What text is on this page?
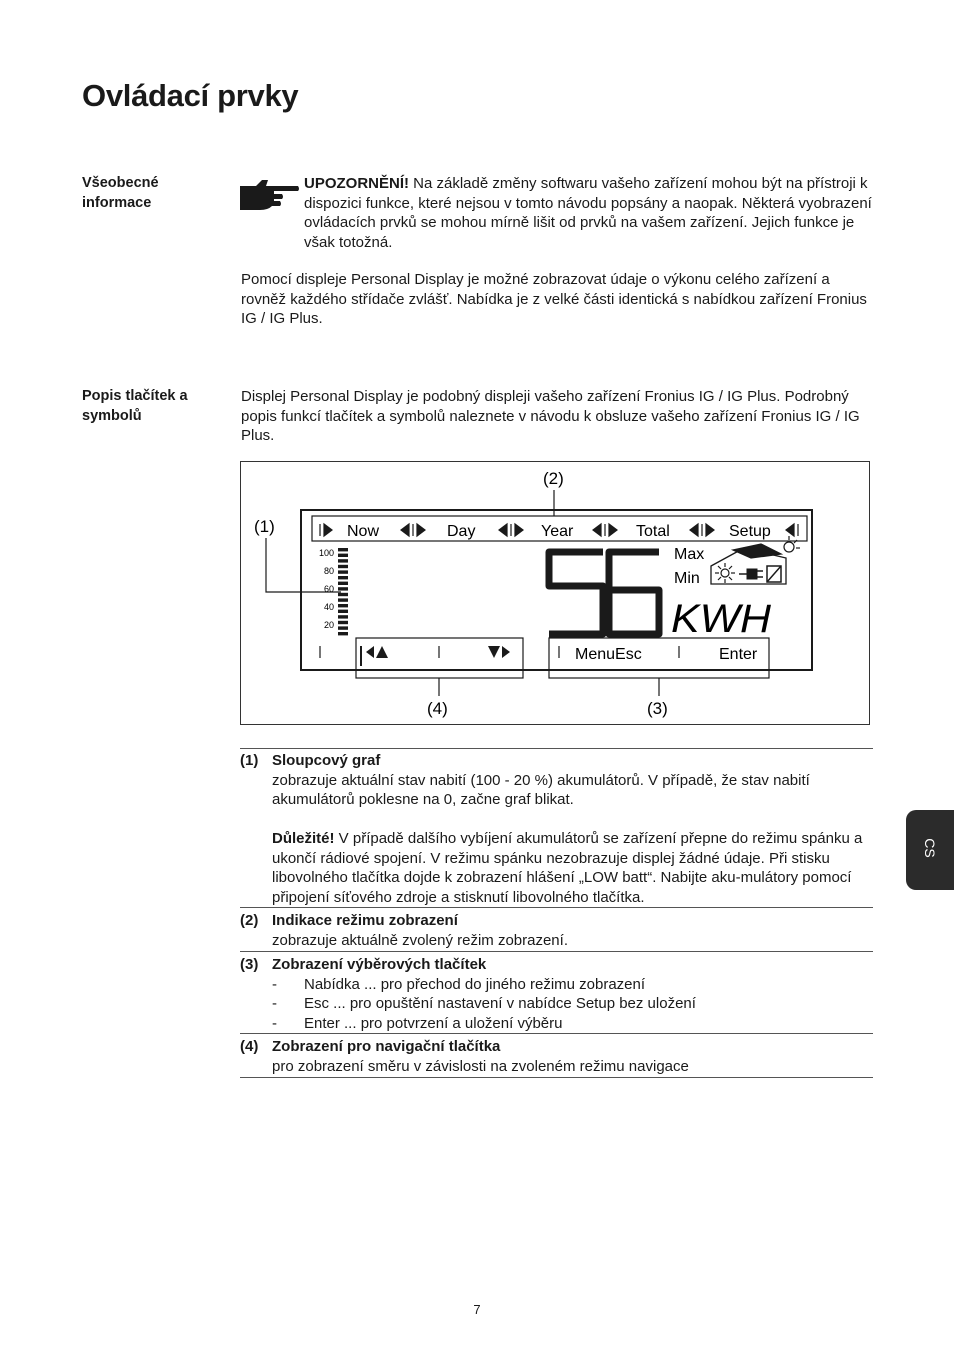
Ovládací prvky
Všeobecné
informace

UPOZORNĚNÍ! Na základě změny softwaru vašeho zařízení mohou být na přístroji k dispozici funkce, které nejsou v tomto návodu popsány a naopak. Některá vyobrazení ovládacích prvků se mohou mírně lišit od prvků na vašem zařízení. Jejich funkce je však totožná.

Pomocí displeje Personal Display je možné zobrazovat údaje o výkonu celého zařízení a rovněž každého střídače zvlášť. Nabídka je z velké části identická s nabídkou zařízení Fronius IG / IG Plus.

Popis tlačítek a
symbolů

Displej Personal Display je podobný displeji vašeho zařízení Fronius IG / IG Plus. Podrobný popis funkcí tlačítek a symbolů naleznete v návodu k obsluze vašeho zařízení Fronius IG / IG Plus.

Now	Day	Year	Total	Setup
100
80
60
40
20
(1)
(2)
KWH
Max
Min
MenuEsc	Enter
(4)	(3)
(1) Sloupcový graf

zobrazuje aktuální stav nabití (100 - 20 %) akumulátorů. V případě, že stav nabití akumulátorů poklesne na 0, začne graf blikat.

Důležité! V případě dalšího vybíjení akumulátorů se zařízení přepne do režimu spánku a ukončí rádiové spojení. V režimu spánku nezobrazuje displej žádné údaje. Při stisku libovolného tlačítka dojde k zobrazení hlášení „LOW batt“. Nabijte aku-mulátory pomocí připojení síťového zdroje a stisknutí libovolného tlačítka.

(2) Indikace režimu zobrazení

zobrazuje aktuálně zvolený režim zobrazení.

(3) Zobrazení výběrových tlačítek

- Nabídka ... pro přechod do jiného režimu zobrazení
- Esc ... pro opuštění nastavení v nabídce Setup bez uložení
- Enter ... pro potvrzení a uložení výběru
(4) Zobrazení pro navigační tlačítka

pro zobrazení směru v závislosti na zvoleném režimu navigace

CS
7
